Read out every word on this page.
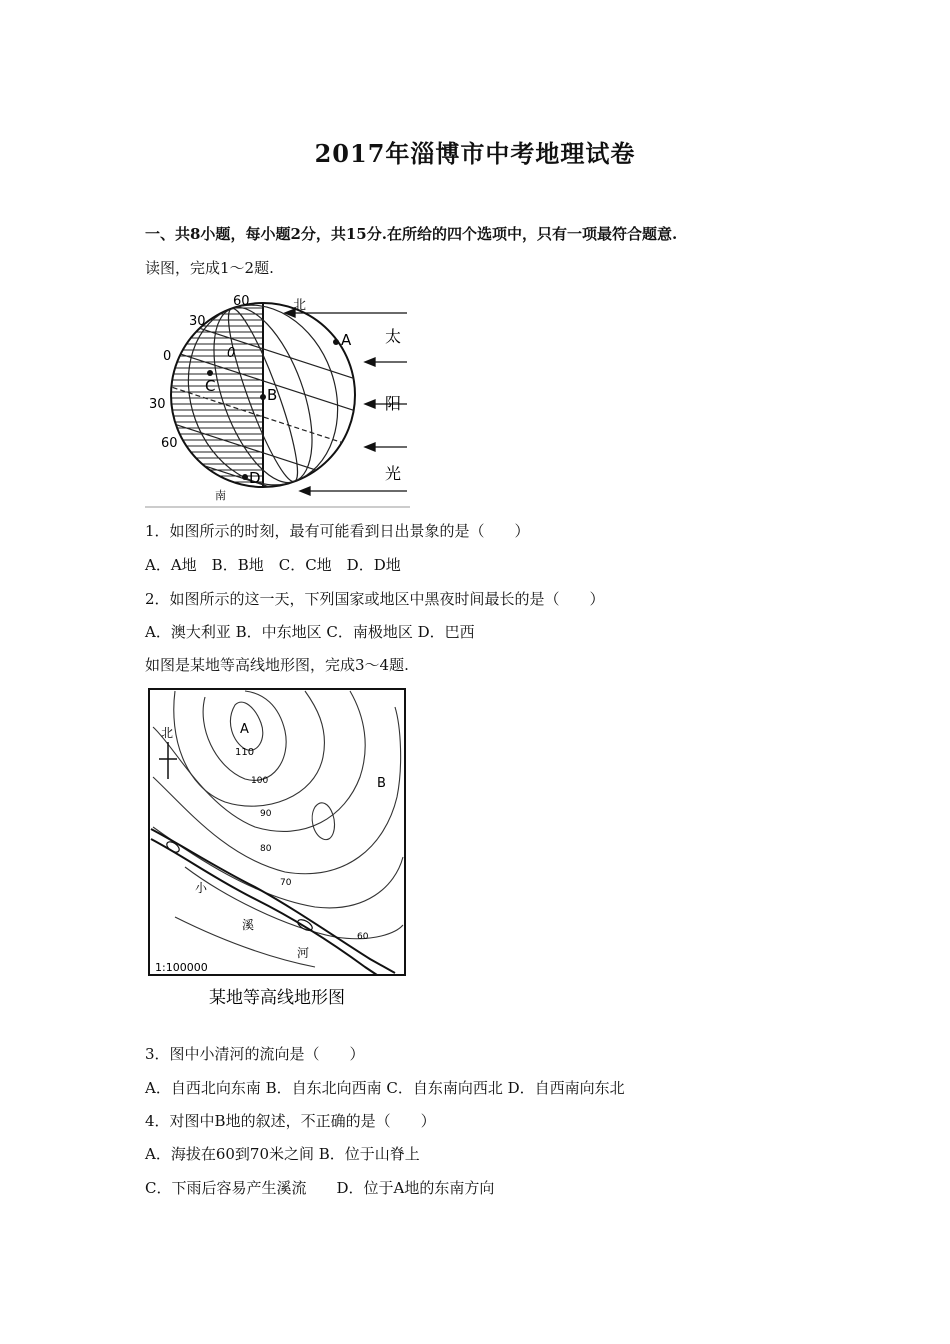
2017年淄博市中考地理试卷
一、共8小题，每小题2分，共15分.在所给的四个选项中，只有一项最符合题意.
读图，完成1～2题.
60
30
0	0
30
60
北
南
A
B
C
D
太
阳
光
1．如图所示的时刻，最有可能看到日出景象的是（　　）
A．A地　B．B地　C．C地　D．D地
2．如图所示的这一天，下列国家或地区中黑夜时间最长的是（　　）
A．澳大利亚 B．中东地区 C．南极地区 D．巴西
如图是某地等高线地形图，完成3～4题.
北	A
B
110
100
90
80
70
60
小
溪
河
1:100000
某地等高线地形图
3．图中小清河的流向是（　　）
A．自西北向东南 B．自东北向西南 C．自东南向西北 D．自西南向东北
4．对图中B地的叙述，不正确的是（　　）
A．海拔在60到70米之间 B．位于山脊上
C．下雨后容易产生溪流　　D．位于A地的东南方向
